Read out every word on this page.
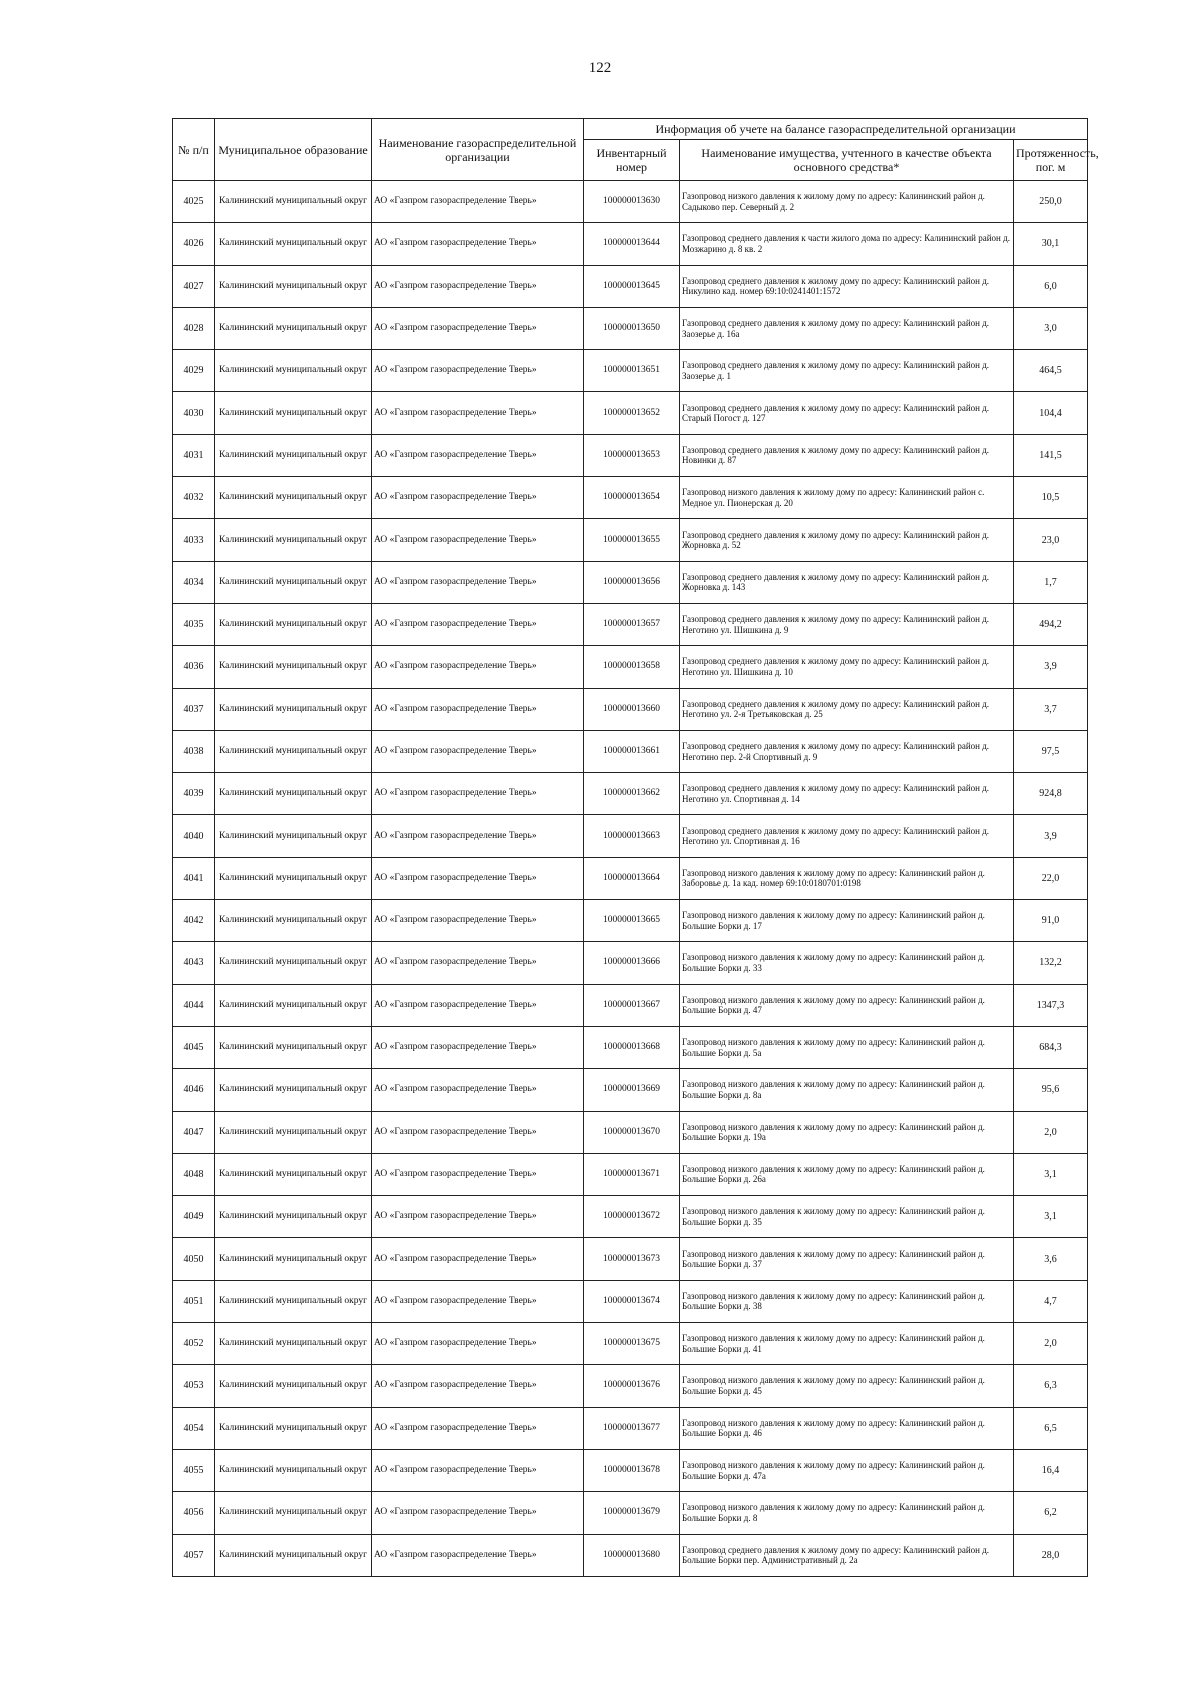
122
№ п/п	Муниципальное образование	Наименование газораспределительной организации	Информация об учете на балансе газораспределительной организации		
			Инвентарный номер	Наименование имущества, учтенного в качестве объекта основного средства*	Протяженность, пог. м
4025	Калининский муниципальный округ	АО «Газпром газораспределение Тверь»	100000013630	Газопровод низкого давления к жилому дому по адресу: Калининский район д. Садыково пер. Северный д. 2	250,0
4026	Калининский муниципальный округ	АО «Газпром газораспределение Тверь»	100000013644	Газопровод среднего давления к части жилого дома по адресу: Калининский район д. Мозжарино д. 8 кв. 2	30,1
4027	Калининский муниципальный округ	АО «Газпром газораспределение Тверь»	100000013645	Газопровод среднего давления к жилому дому по адресу: Калининский район д. Никулино кад. номер 69:10:0241401:1572	6,0
4028	Калининский муниципальный округ	АО «Газпром газораспределение Тверь»	100000013650	Газопровод среднего давления к жилому дому по адресу: Калининский район д. Заозерье д. 16а	3,0
4029	Калининский муниципальный округ	АО «Газпром газораспределение Тверь»	100000013651	Газопровод среднего давления к жилому дому по адресу: Калининский район д. Заозерье д. 1	464,5
4030	Калининский муниципальный округ	АО «Газпром газораспределение Тверь»	100000013652	Газопровод среднего давления к жилому дому по адресу: Калининский район д. Старый Погост д. 127	104,4
4031	Калининский муниципальный округ	АО «Газпром газораспределение Тверь»	100000013653	Газопровод среднего давления к жилому дому по адресу: Калининский район д. Новинки д. 87	141,5
4032	Калининский муниципальный округ	АО «Газпром газораспределение Тверь»	100000013654	Газопровод низкого давления к жилому дому по адресу: Калининский район с. Медное ул. Пионерская д. 20	10,5
4033	Калининский муниципальный округ	АО «Газпром газораспределение Тверь»	100000013655	Газопровод среднего давления к жилому дому по адресу: Калининский район д. Жорновка д. 52	23,0
4034	Калининский муниципальный округ	АО «Газпром газораспределение Тверь»	100000013656	Газопровод среднего давления к жилому дому по адресу: Калининский район д. Жорновка д. 143	1,7
4035	Калининский муниципальный округ	АО «Газпром газораспределение Тверь»	100000013657	Газопровод среднего давления к жилому дому по адресу: Калининский район д. Неготино ул. Шишкина д. 9	494,2
4036	Калининский муниципальный округ	АО «Газпром газораспределение Тверь»	100000013658	Газопровод среднего давления к жилому дому по адресу: Калининский район д. Неготино ул. Шишкина д. 10	3,9
4037	Калининский муниципальный округ	АО «Газпром газораспределение Тверь»	100000013660	Газопровод среднего давления к жилому дому по адресу: Калининский район д. Неготино ул. 2-я Третьяковская д. 25	3,7
4038	Калининский муниципальный округ	АО «Газпром газораспределение Тверь»	100000013661	Газопровод среднего давления к жилому дому по адресу: Калининский район д. Неготино пер. 2-й Спортивный д. 9	97,5
4039	Калининский муниципальный округ	АО «Газпром газораспределение Тверь»	100000013662	Газопровод среднего давления к жилому дому по адресу: Калининский район д. Неготино ул. Спортивная д. 14	924,8
4040	Калининский муниципальный округ	АО «Газпром газораспределение Тверь»	100000013663	Газопровод среднего давления к жилому дому по адресу: Калининский район д. Неготино ул. Спортивная д. 16	3,9
4041	Калининский муниципальный округ	АО «Газпром газораспределение Тверь»	100000013664	Газопровод низкого давления к жилому дому по адресу: Калининский район д. Заборовье д. 1а кад. номер 69:10:0180701:0198	22,0
4042	Калининский муниципальный округ	АО «Газпром газораспределение Тверь»	100000013665	Газопровод низкого давления к жилому дому по адресу: Калининский район д. Большие Борки д. 17	91,0
4043	Калининский муниципальный округ	АО «Газпром газораспределение Тверь»	100000013666	Газопровод низкого давления к жилому дому по адресу: Калининский район д. Большие Борки д. 33	132,2
4044	Калининский муниципальный округ	АО «Газпром газораспределение Тверь»	100000013667	Газопровод низкого давления к жилому дому по адресу: Калининский район д. Большие Борки д. 47	1347,3
4045	Калининский муниципальный округ	АО «Газпром газораспределение Тверь»	100000013668	Газопровод низкого давления к жилому дому по адресу: Калининский район д. Большие Борки д. 5а	684,3
4046	Калининский муниципальный округ	АО «Газпром газораспределение Тверь»	100000013669	Газопровод низкого давления к жилому дому по адресу: Калининский район д. Большие Борки д. 8а	95,6
4047	Калининский муниципальный округ	АО «Газпром газораспределение Тверь»	100000013670	Газопровод низкого давления к жилому дому по адресу: Калининский район д. Большие Борки д. 19а	2,0
4048	Калининский муниципальный округ	АО «Газпром газораспределение Тверь»	100000013671	Газопровод низкого давления к жилому дому по адресу: Калининский район д. Большие Борки д. 26а	3,1
4049	Калининский муниципальный округ	АО «Газпром газораспределение Тверь»	100000013672	Газопровод низкого давления к жилому дому по адресу: Калининский район д. Большие Борки д. 35	3,1
4050	Калининский муниципальный округ	АО «Газпром газораспределение Тверь»	100000013673	Газопровод низкого давления к жилому дому по адресу: Калининский район д. Большие Борки д. 37	3,6
4051	Калининский муниципальный округ	АО «Газпром газораспределение Тверь»	100000013674	Газопровод низкого давления к жилому дому по адресу: Калининский район д. Большие Борки д. 38	4,7
4052	Калининский муниципальный округ	АО «Газпром газораспределение Тверь»	100000013675	Газопровод низкого давления к жилому дому по адресу: Калининский район д. Большие Борки д. 41	2,0
4053	Калининский муниципальный округ	АО «Газпром газораспределение Тверь»	100000013676	Газопровод низкого давления к жилому дому по адресу: Калининский район д. Большие Борки д. 45	6,3
4054	Калининский муниципальный округ	АО «Газпром газораспределение Тверь»	100000013677	Газопровод низкого давления к жилому дому по адресу: Калининский район д. Большие Борки д. 46	6,5
4055	Калининский муниципальный округ	АО «Газпром газораспределение Тверь»	100000013678	Газопровод низкого давления к жилому дому по адресу: Калининский район д. Большие Борки д. 47а	16,4
4056	Калининский муниципальный округ	АО «Газпром газораспределение Тверь»	100000013679	Газопровод низкого давления к жилому дому по адресу: Калининский район д. Большие Борки д. 8	6,2
4057	Калининский муниципальный округ	АО «Газпром газораспределение Тверь»	100000013680	Газопровод среднего давления к жилому дому по адресу: Калининский район д. Большие Борки пер. Административный д. 2а	28,0
